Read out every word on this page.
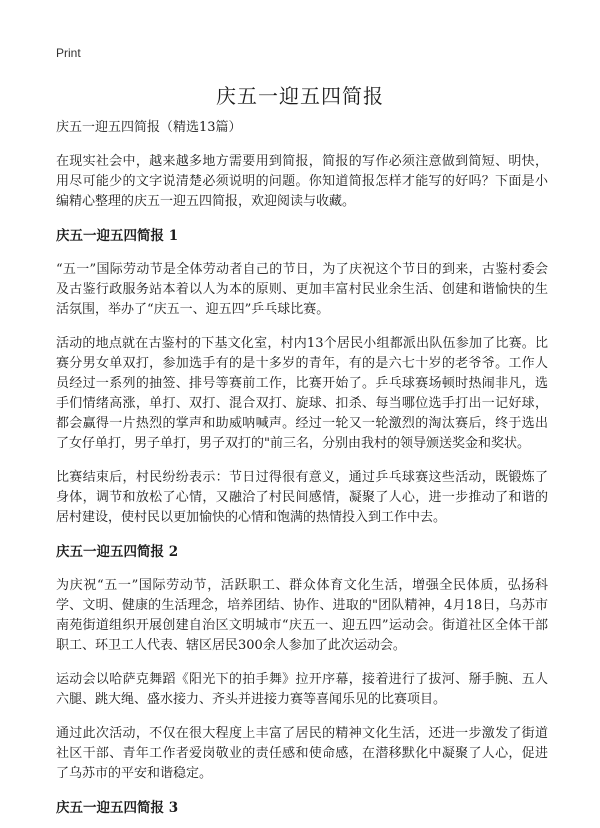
Print
庆五一迎五四简报

庆五一迎五四简报（精选13篇）

在现实社会中，越来越多地方需要用到简报，简报的写作必须注意做到简短、明快，用尽可能少的文字说清楚必须说明的问题。你知道简报怎样才能写的好吗？下面是小编精心整理的庆五一迎五四简报，欢迎阅读与收藏。

庆五一迎五四简报 1

“五一”国际劳动节是全体劳动者自己的节日，为了庆祝这个节日的到来，古鉴村委会及古鉴行政服务站本着以人为本的原则、更加丰富村民业余生活、创建和谐愉快的生活氛围，举办了“庆五一、迎五四”乒乓球比赛。

活动的地点就在古鉴村的下基文化室，村内13个居民小组都派出队伍参加了比赛。比赛分男女单双打，参加选手有的是十多岁的青年，有的是六七十岁的老爷爷。工作人员经过一系列的抽签、排号等赛前工作，比赛开始了。乒乓球赛场顿时热闹非凡，选手们情绪高涨，单打、双打、混合双打、旋球、扣杀、每当哪位选手打出一记好球，都会赢得一片热烈的掌声和助威呐喊声。经过一轮又一轮激烈的淘汰赛后，终于选出了女仔单打，男子单打，男子双打的"前三名，分别由我村的领导颁送奖金和奖状。

比赛结束后，村民纷纷表示：节日过得很有意义，通过乒乓球赛这些活动，既锻炼了身体，调节和放松了心情，又融洽了村民间感情，凝聚了人心，进一步推动了和谐的居村建设，使村民以更加愉快的心情和饱满的热情投入到工作中去。

庆五一迎五四简报 2

为庆祝“五一”国际劳动节，活跃职工、群众体育文化生活，增强全民体质，弘扬科学、文明、健康的生活理念，培养团结、协作、进取的"团队精神，4月18日，乌苏市南苑街道组织开展创建自治区文明城市“庆五一、迎五四”运动会。街道社区全体干部职工、环卫工人代表、辖区居民300余人参加了此次运动会。

运动会以哈萨克舞蹈《阳光下的拍手舞》拉开序幕，接着进行了拔河、掰手腕、五人六腿、跳大绳、盛水接力、齐头并进接力赛等喜闻乐见的比赛项目。

通过此次活动，不仅在很大程度上丰富了居民的精神文化生活，还进一步激发了街道社区干部、青年工作者爱岗敬业的责任感和使命感，在潜移默化中凝聚了人心，促进了乌苏市的平安和谐稳定。

庆五一迎五四简报 3
